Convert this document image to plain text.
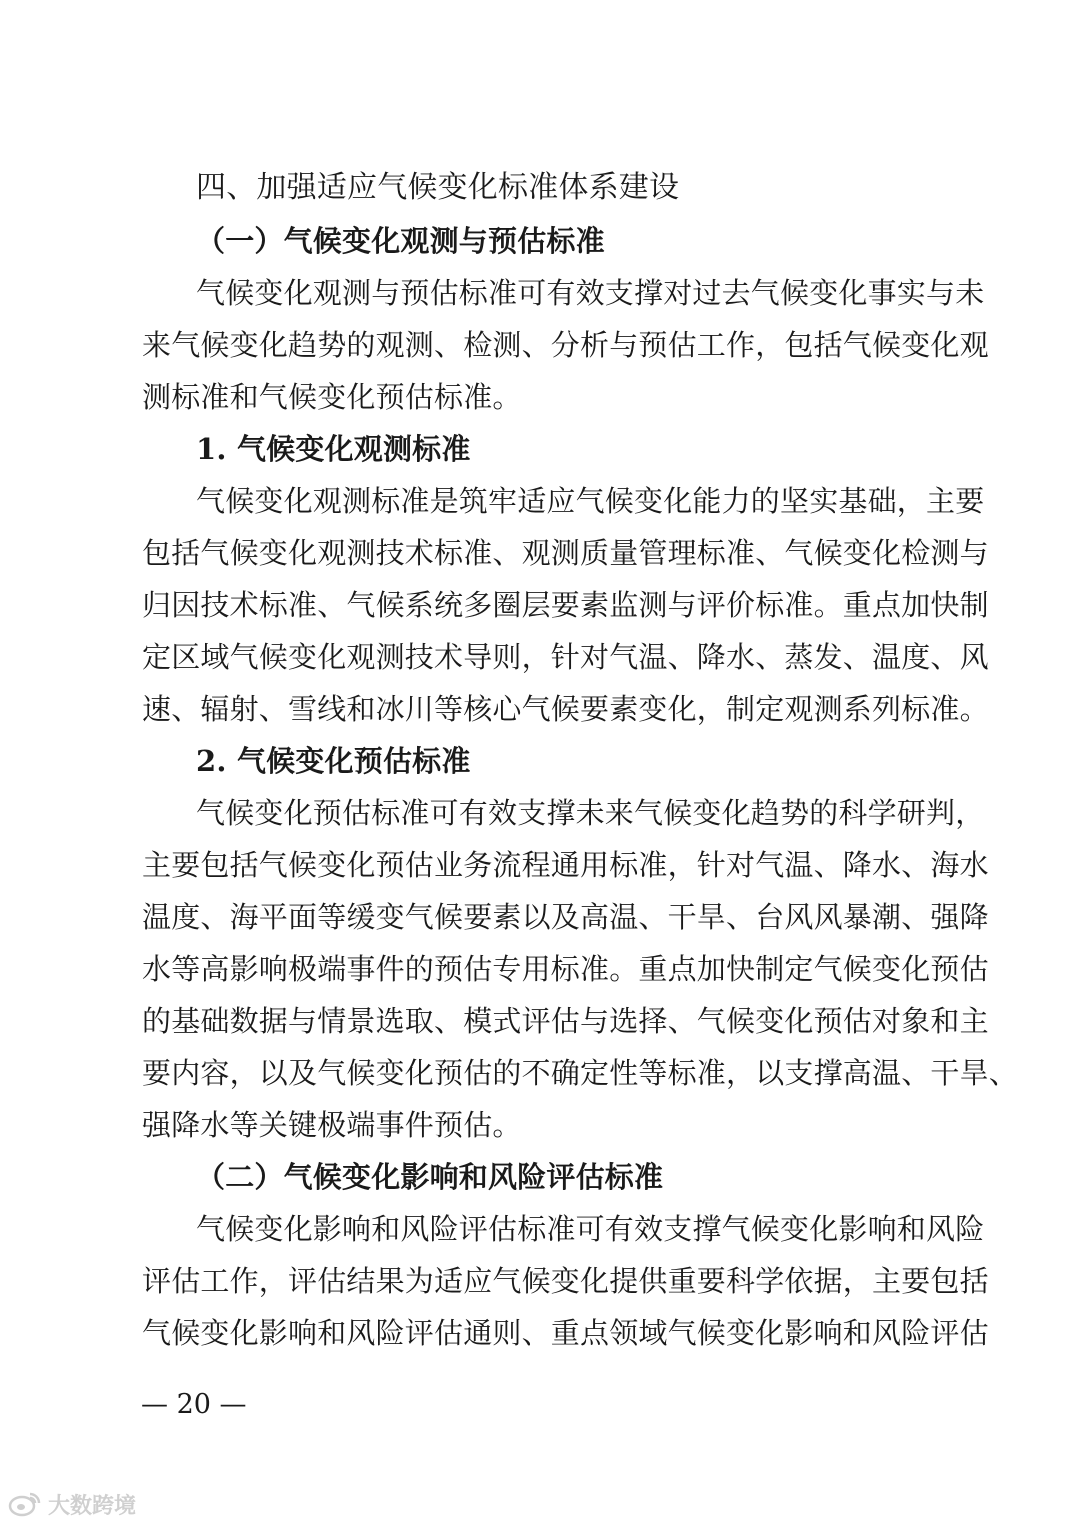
四、加强适应气候变化标准体系建设
（一）气候变化观测与预估标准
气候变化观测与预估标准可有效支撑对过去气候变化事实与未
来气候变化趋势的观测、检测、分析与预估工作，包括气候变化观
测标准和气候变化预估标准。
1. 气候变化观测标准
气候变化观测标准是筑牢适应气候变化能力的坚实基础，主要
包括气候变化观测技术标准、观测质量管理标准、气候变化检测与
归因技术标准、气候系统多圈层要素监测与评价标准。重点加快制
定区域气候变化观测技术导则，针对气温、降水、蒸发、温度、风
速、辐射、雪线和冰川等核心气候要素变化，制定观测系列标准。
2. 气候变化预估标准
气候变化预估标准可有效支撑未来气候变化趋势的科学研判，
主要包括气候变化预估业务流程通用标准，针对气温、降水、海水
温度、海平面等缓变气候要素以及高温、干旱、台风风暴潮、强降
水等高影响极端事件的预估专用标准。重点加快制定气候变化预估
的基础数据与情景选取、模式评估与选择、气候变化预估对象和主
要内容，以及气候变化预估的不确定性等标准，以支撑高温、干旱、
强降水等关键极端事件预估。
（二）气候变化影响和风险评估标准
气候变化影响和风险评估标准可有效支撑气候变化影响和风险
评估工作，评估结果为适应气候变化提供重要科学依据，主要包括
气候变化影响和风险评估通则、重点领域气候变化影响和风险评估
— 20 —
大数跨境
